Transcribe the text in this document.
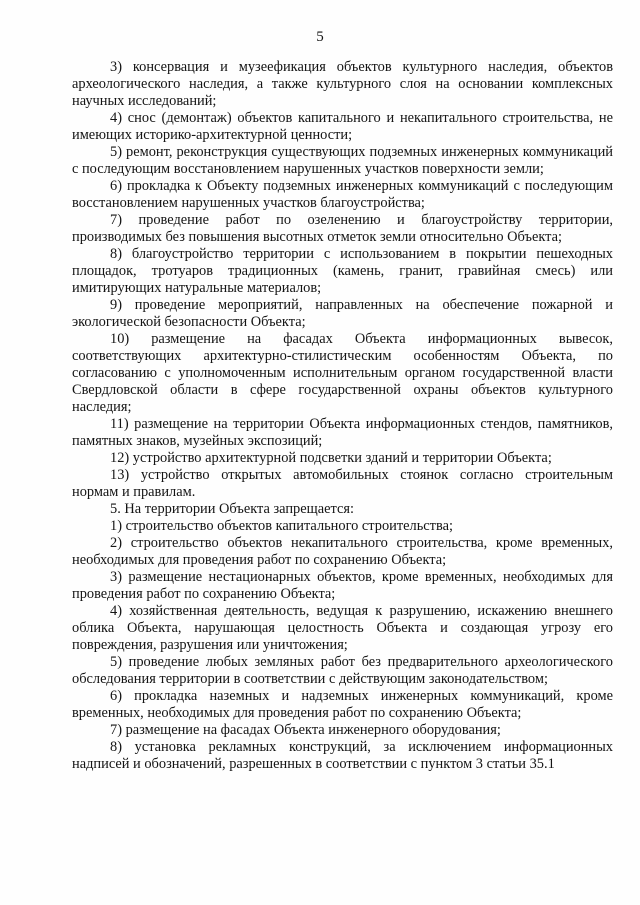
5

3) консервация и музеефикация объектов культурного наследия, объектов археологического наследия, а также культурного слоя на основании комплексных научных исследований;

4) снос (демонтаж) объектов капитального и некапитального строительства, не имеющих историко-архитектурной ценности;

5) ремонт, реконструкция существующих подземных инженерных коммуникаций с последующим восстановлением нарушенных участков поверхности земли;

6) прокладка к Объекту подземных инженерных коммуникаций с последующим восстановлением нарушенных участков благоустройства;

7) проведение работ по озеленению и благоустройству территории, производимых без повышения высотных отметок земли относительно Объекта;

8) благоустройство территории с использованием в покрытии пешеходных площадок, тротуаров традиционных (камень, гранит, гравийная смесь) или имитирующих натуральные материалов;

9) проведение мероприятий, направленных на обеспечение пожарной и экологической безопасности Объекта;

10) размещение на фасадах Объекта информационных вывесок, соответствующих архитектурно-стилистическим особенностям Объекта, по согласованию с уполномоченным исполнительным органом государственной власти Свердловской области в сфере государственной охраны объектов культурного наследия;

11) размещение на территории Объекта информационных стендов, памятников, памятных знаков, музейных экспозиций;

12) устройство архитектурной подсветки зданий и территории Объекта;

13) устройство открытых автомобильных стоянок согласно строительным нормам и правилам.

5. На территории Объекта запрещается:

1) строительство объектов капитального строительства;

2) строительство объектов некапитального строительства, кроме временных, необходимых для проведения работ по сохранению Объекта;

3) размещение нестационарных объектов, кроме временных, необходимых для проведения работ по сохранению Объекта;

4) хозяйственная деятельность, ведущая к разрушению, искажению внешнего облика Объекта, нарушающая целостность Объекта и создающая угрозу его повреждения, разрушения или уничтожения;

5) проведение любых земляных работ без предварительного археологического обследования территории в соответствии с действующим законодательством;

6) прокладка наземных и надземных инженерных коммуникаций, кроме временных, необходимых для проведения работ по сохранению Объекта;

7) размещение на фасадах Объекта инженерного оборудования;

8) установка рекламных конструкций, за исключением информационных надписей и обозначений, разрешенных в соответствии с пунктом 3 статьи 35.1
